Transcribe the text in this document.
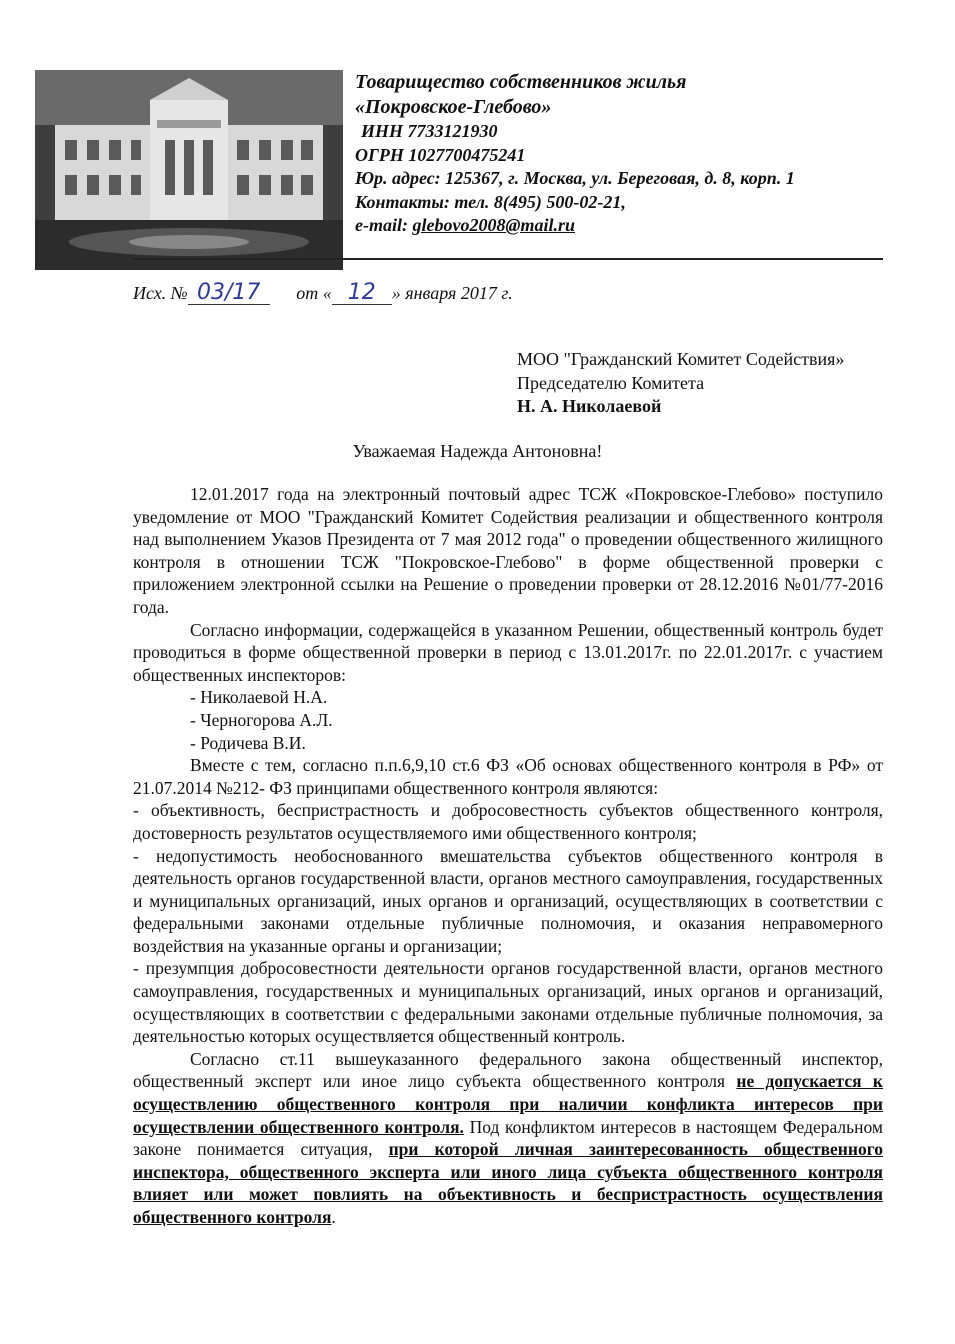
Товарищество собственников жилья
«Покровское-Глебово»
ИНН 7733121930
ОГРН 1027700475241
Юр. адрес: 125367, г. Москва, ул. Береговая, д. 8, корп. 1
Контакты: тел. 8(495) 500-02-21,
e-mail: glebovo2008@mail.ru
Исх. № 03/17 от « 12 » января 2017 г.
МОО "Гражданский Комитет Содействия»
Председателю Комитета
Н. А. Николаевой
Уважаемая Надежда Антоновна!

12.01.2017 года на электронный почтовый адрес ТСЖ «Покровское-Глебово» поступило уведомление от МОО "Гражданский Комитет Содействия реализации и общественного контроля над выполнением Указов Президента от 7 мая 2012 года" о проведении общественного жилищного контроля в отношении ТСЖ "Покровское-Глебово" в форме общественной проверки с приложением электронной ссылки на Решение о проведении проверки от 28.12.2016 №01/77-2016 года.

Согласно информации, содержащейся в указанном Решении, общественный контроль будет проводиться в форме общественной проверки в период с 13.01.2017г. по 22.01.2017г. с участием общественных инспекторов:

- Николаевой Н.А.

- Черногорова А.Л.

- Родичева В.И.

Вместе с тем, согласно п.п.6,9,10 ст.6 ФЗ «Об основах общественного контроля в РФ» от 21.07.2014 №212- ФЗ принципами общественного контроля являются:

- объективность, беспристрастность и добросовестность субъектов общественного контроля, достоверность результатов осуществляемого ими общественного контроля;

- недопустимость необоснованного вмешательства субъектов общественного контроля в деятельность органов государственной власти, органов местного самоуправления, государственных и муниципальных организаций, иных органов и организаций, осуществляющих в соответствии с федеральными законами отдельные публичные полномочия, и оказания неправомерного воздействия на указанные органы и организации;

- презумпция добросовестности деятельности органов государственной власти, органов местного самоуправления, государственных и муниципальных организаций, иных органов и организаций, осуществляющих в соответствии с федеральными законами отдельные публичные полномочия, за деятельностью которых осуществляется общественный контроль.

Согласно ст.11 вышеуказанного федерального закона общественный инспектор, общественный эксперт или иное лицо субъекта общественного контроля не допускается к осуществлению общественного контроля при наличии конфликта интересов при осуществлении общественного контроля. Под конфликтом интересов в настоящем Федеральном законе понимается ситуация, при которой личная заинтересованность общественного инспектора, общественного эксперта или иного лица субъекта общественного контроля влияет или может повлиять на объективность и беспристрастность осуществления общественного контроля.
